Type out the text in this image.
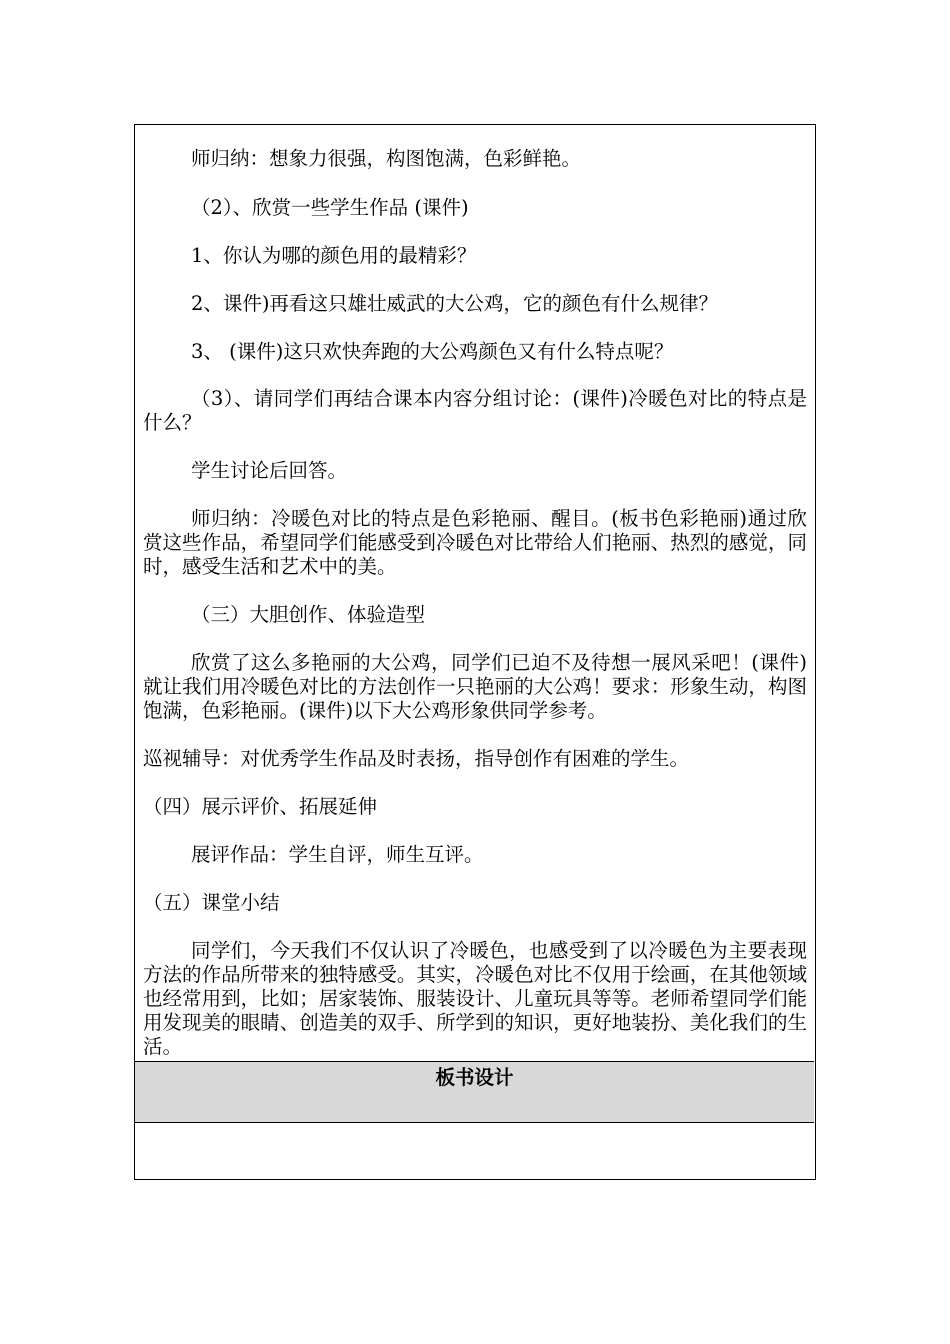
师归纳：想象力很强，构图饱满，色彩鲜艳。
（2）、欣赏一些学生作品 (课件)
1、你认为哪的颜色用的最精彩？
2、课件)再看这只雄壮威武的大公鸡，它的颜色有什么规律？
3、 (课件)这只欢快奔跑的大公鸡颜色又有什么特点呢？
（3）、请同学们再结合课本内容分组讨论：(课件)冷暖色对比的特点是什么？
学生讨论后回答。
师归纳：冷暖色对比的特点是色彩艳丽、醒目。(板书色彩艳丽)通过欣赏这些作品，希望同学们能感受到冷暖色对比带给人们艳丽、热烈的感觉，同时，感受生活和艺术中的美。
（三）大胆创作、体验造型
欣赏了这么多艳丽的大公鸡，同学们已迫不及待想一展风采吧！(课件)就让我们用冷暖色对比的方法创作一只艳丽的大公鸡！要求：形象生动，构图饱满，色彩艳丽。(课件)以下大公鸡形象供同学参考。
巡视辅导：对优秀学生作品及时表扬，指导创作有困难的学生。
（四）展示评价、拓展延伸
展评作品：学生自评，师生互评。
（五）课堂小结
同学们，今天我们不仅认识了冷暖色，也感受到了以冷暖色为主要表现方法的作品所带来的独特感受。其实，冷暖色对比不仅用于绘画，在其他领域也经常用到，比如；居家装饰、服装设计、儿童玩具等等。老师希望同学们能用发现美的眼睛、创造美的双手、所学到的知识，更好地装扮、美化我们的生活。
板书设计
